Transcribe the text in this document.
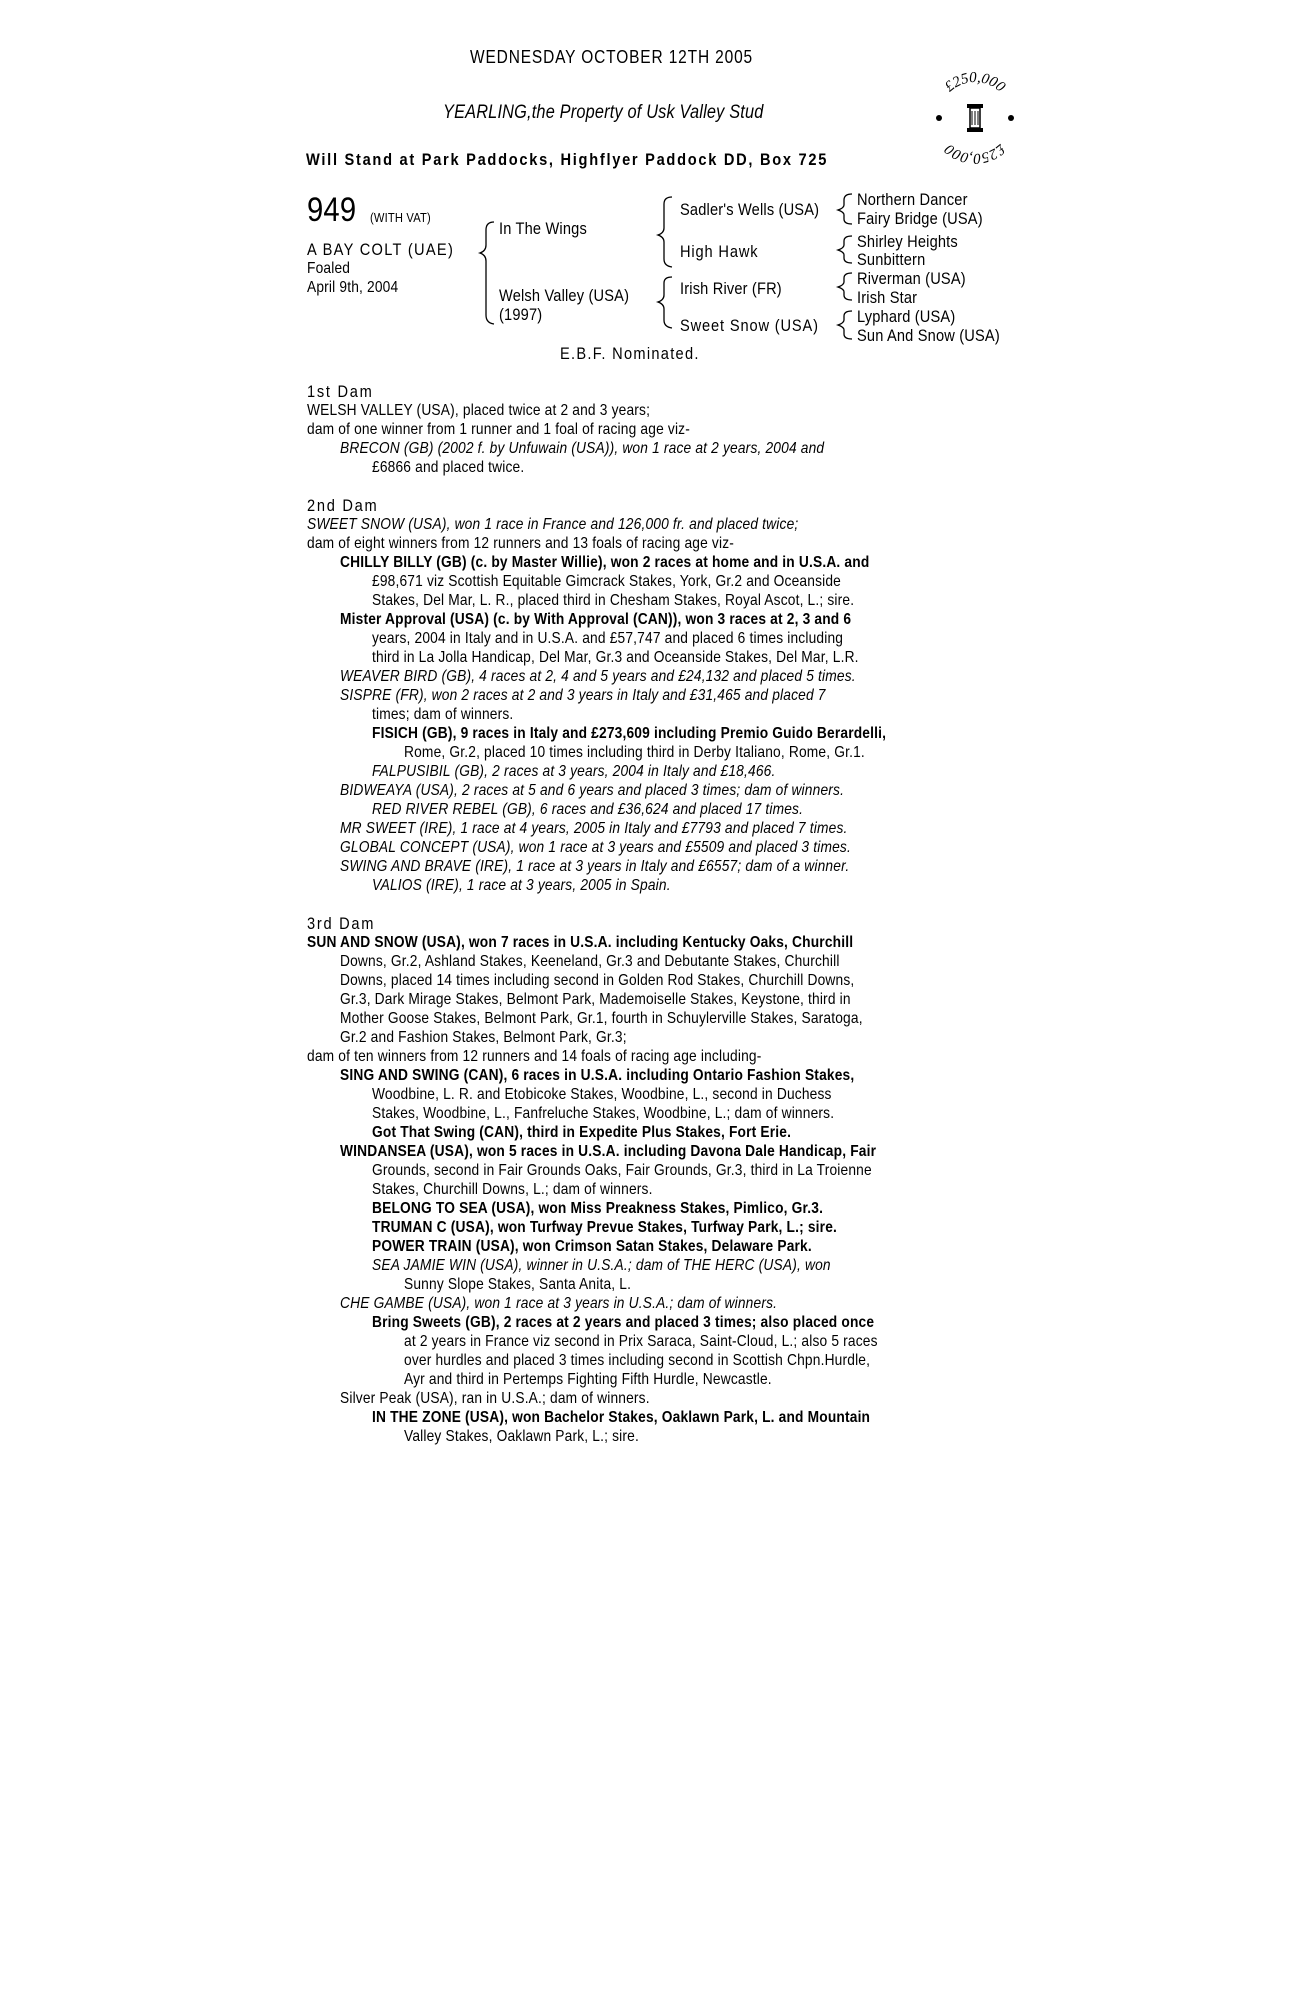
WEDNESDAY OCTOBER 12TH 2005
YEARLING,the Property of Usk Valley Stud
Will Stand at Park Paddocks, Highflyer Paddock DD, Box 725
£250,000
£250,000
949 (WITH VAT)
A BAY COLT (UAE)
Foaled
April 9th, 2004
In The Wings
Welsh Valley (USA)
(1997)
Sadler's Wells (USA)
High Hawk
Irish River (FR)
Sweet Snow (USA)
Northern Dancer
Fairy Bridge (USA)
Shirley Heights
Sunbittern
Riverman (USA)
Irish Star
Lyphard (USA)
Sun And Snow (USA)
E.B.F. Nominated.
1st Dam
WELSH VALLEY (USA), placed twice at 2 and 3 years;
dam of one winner from 1 runner and 1 foal of racing age viz-
BRECON (GB) (2002 f. by Unfuwain (USA)), won 1 race at 2 years, 2004 and
£6866 and placed twice.
2nd Dam
SWEET SNOW (USA), won 1 race in France and 126,000 fr. and placed twice;
dam of eight winners from 12 runners and 13 foals of racing age viz-
CHILLY BILLY (GB) (c. by Master Willie), won 2 races at home and in U.S.A. and
£98,671 viz Scottish Equitable Gimcrack Stakes, York, Gr.2 and Oceanside
Stakes, Del Mar, L. R., placed third in Chesham Stakes, Royal Ascot, L.; sire.
Mister Approval (USA) (c. by With Approval (CAN)), won 3 races at 2, 3 and 6
years, 2004 in Italy and in U.S.A. and £57,747 and placed 6 times including
third in La Jolla Handicap, Del Mar, Gr.3 and Oceanside Stakes, Del Mar, L.R.
WEAVER BIRD (GB), 4 races at 2, 4 and 5 years and £24,132 and placed 5 times.
SISPRE (FR), won 2 races at 2 and 3 years in Italy and £31,465 and placed 7
times; dam of winners.
FISICH (GB), 9 races in Italy and £273,609 including Premio Guido Berardelli,
Rome, Gr.2, placed 10 times including third in Derby Italiano, Rome, Gr.1.
FALPUSIBIL (GB), 2 races at 3 years, 2004 in Italy and £18,466.
BIDWEAYA (USA), 2 races at 5 and 6 years and placed 3 times; dam of winners.
RED RIVER REBEL (GB), 6 races and £36,624 and placed 17 times.
MR SWEET (IRE), 1 race at 4 years, 2005 in Italy and £7793 and placed 7 times.
GLOBAL CONCEPT (USA), won 1 race at 3 years and £5509 and placed 3 times.
SWING AND BRAVE (IRE), 1 race at 3 years in Italy and £6557; dam of a winner.
VALIOS (IRE), 1 race at 3 years, 2005 in Spain.
3rd Dam
SUN AND SNOW (USA), won 7 races in U.S.A. including Kentucky Oaks, Churchill
Downs, Gr.2, Ashland Stakes, Keeneland, Gr.3 and Debutante Stakes, Churchill
Downs, placed 14 times including second in Golden Rod Stakes, Churchill Downs,
Gr.3, Dark Mirage Stakes, Belmont Park, Mademoiselle Stakes, Keystone, third in
Mother Goose Stakes, Belmont Park, Gr.1, fourth in Schuylerville Stakes, Saratoga,
Gr.2 and Fashion Stakes, Belmont Park, Gr.3;
dam of ten winners from 12 runners and 14 foals of racing age including-
SING AND SWING (CAN), 6 races in U.S.A. including Ontario Fashion Stakes,
Woodbine, L. R. and Etobicoke Stakes, Woodbine, L., second in Duchess
Stakes, Woodbine, L., Fanfreluche Stakes, Woodbine, L.; dam of winners.
Got That Swing (CAN), third in Expedite Plus Stakes, Fort Erie.
WINDANSEA (USA), won 5 races in U.S.A. including Davona Dale Handicap, Fair
Grounds, second in Fair Grounds Oaks, Fair Grounds, Gr.3, third in La Troienne
Stakes, Churchill Downs, L.; dam of winners.
BELONG TO SEA (USA), won Miss Preakness Stakes, Pimlico, Gr.3.
TRUMAN C (USA), won Turfway Prevue Stakes, Turfway Park, L.; sire.
POWER TRAIN (USA), won Crimson Satan Stakes, Delaware Park.
SEA JAMIE WIN (USA), winner in U.S.A.; dam of THE HERC (USA), won
Sunny Slope Stakes, Santa Anita, L.
CHE GAMBE (USA), won 1 race at 3 years in U.S.A.; dam of winners.
Bring Sweets (GB), 2 races at 2 years and placed 3 times; also placed once
at 2 years in France viz second in Prix Saraca, Saint-Cloud, L.; also 5 races
over hurdles and placed 3 times including second in Scottish Chpn.Hurdle,
Ayr and third in Pertemps Fighting Fifth Hurdle, Newcastle.
Silver Peak (USA), ran in U.S.A.; dam of winners.
IN THE ZONE (USA), won Bachelor Stakes, Oaklawn Park, L. and Mountain
Valley Stakes, Oaklawn Park, L.; sire.
